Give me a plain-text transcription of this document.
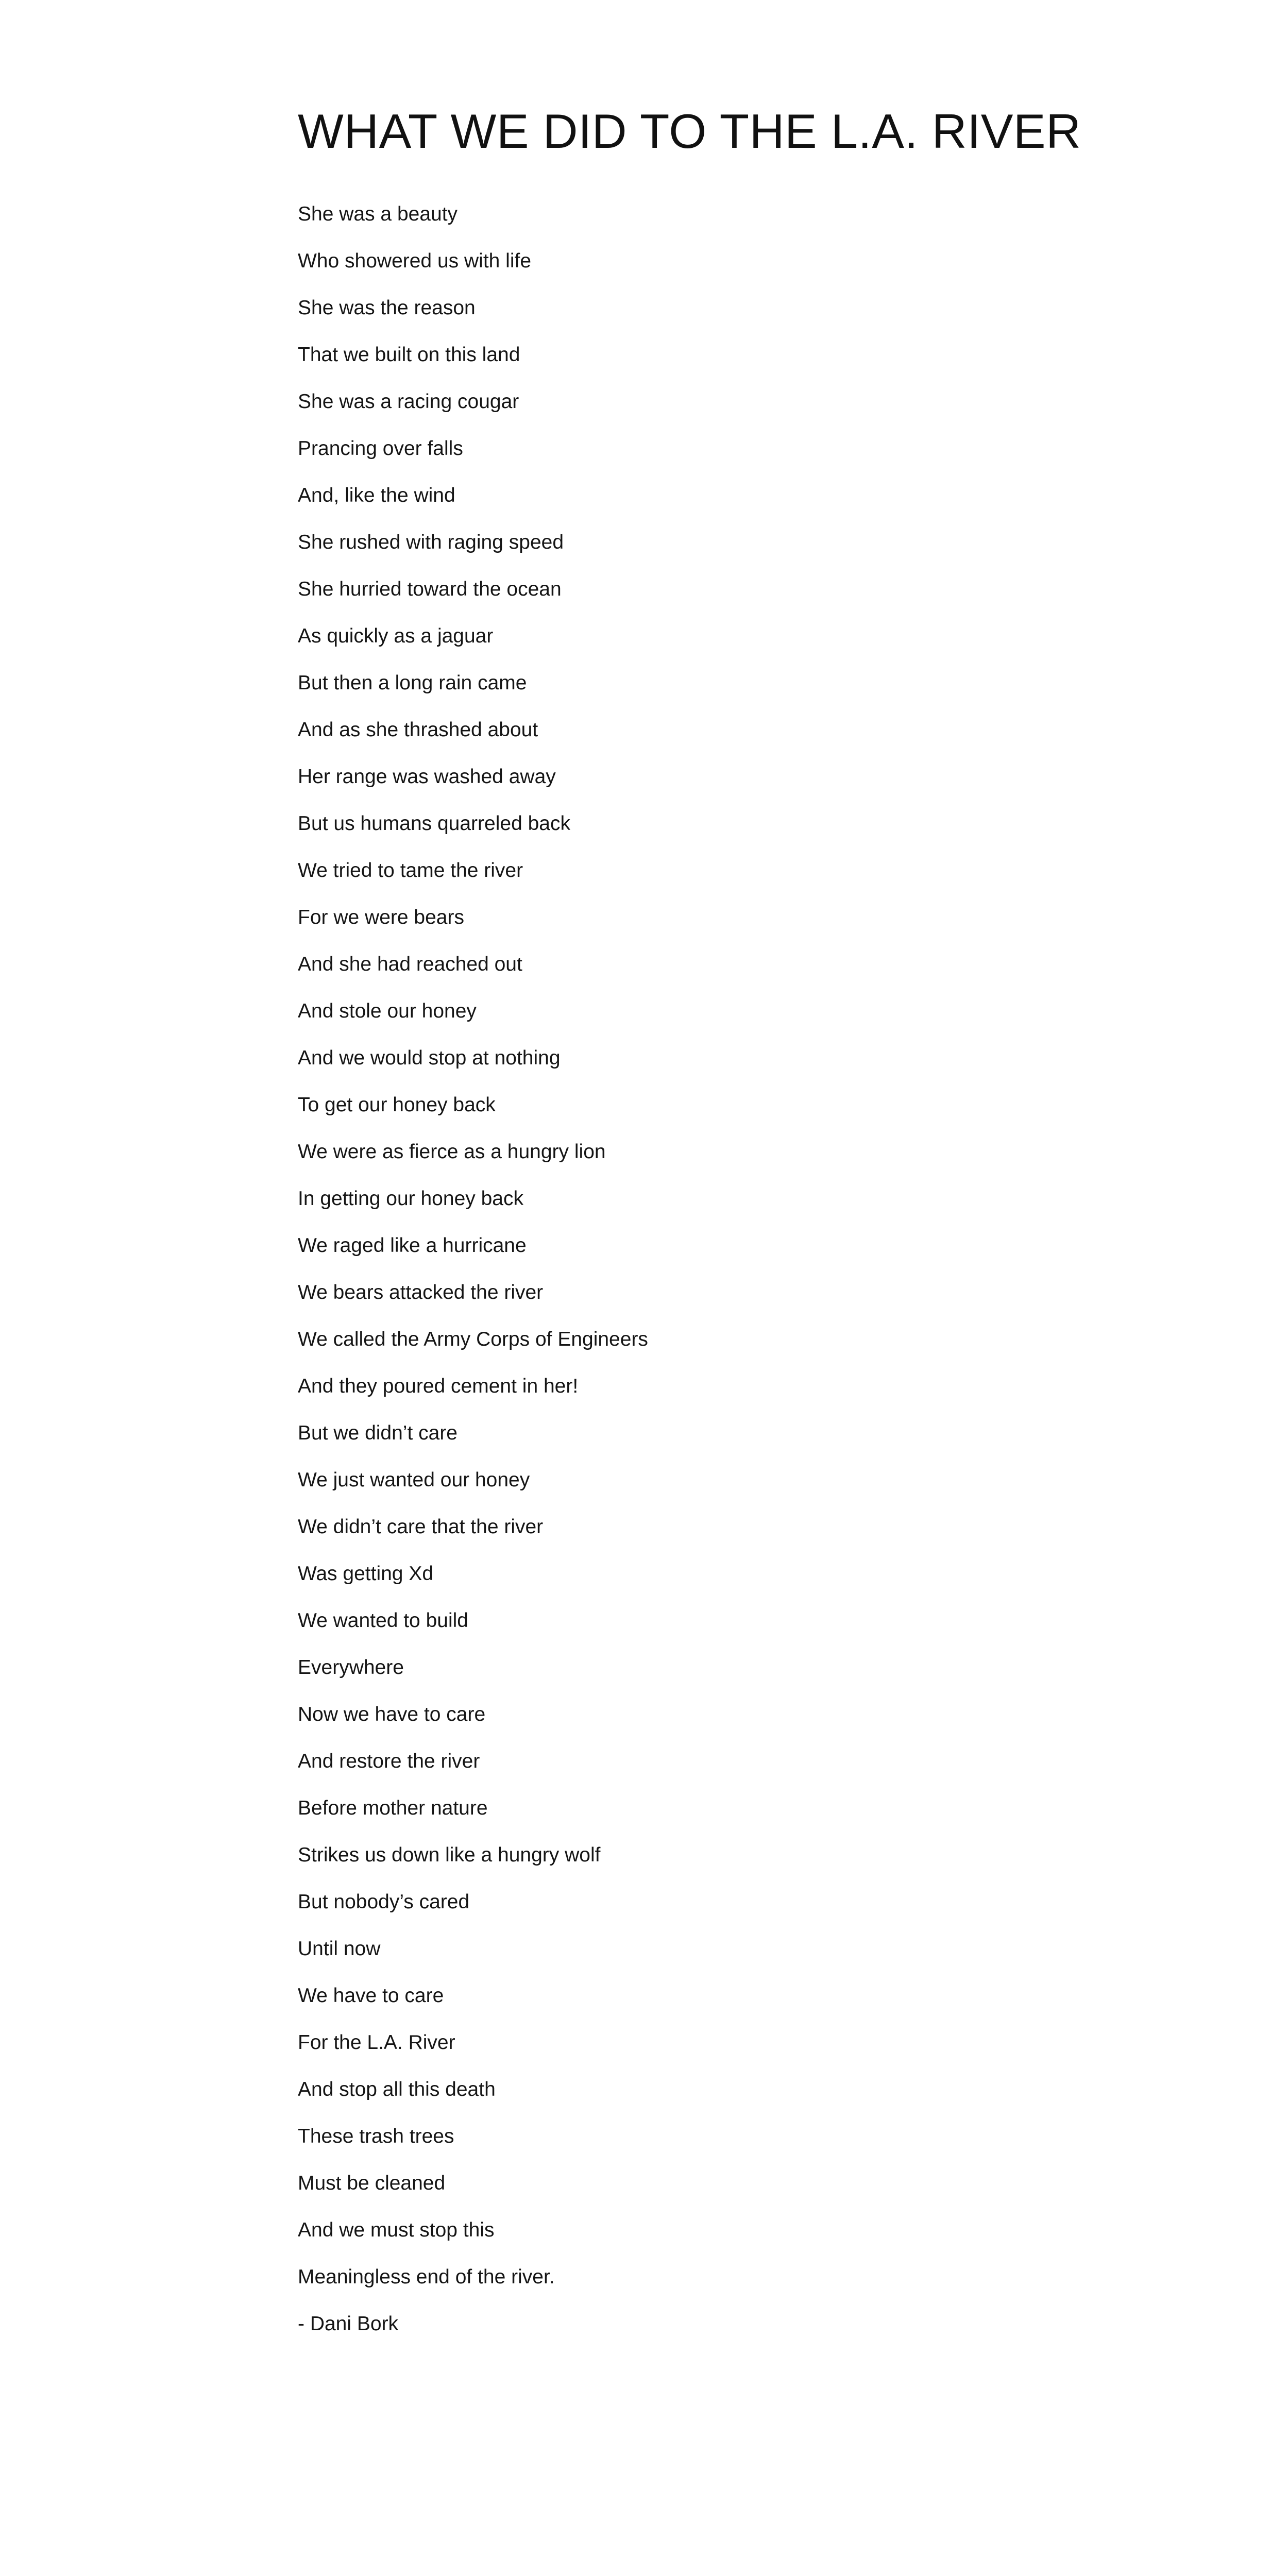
WHAT WE DID TO THE L.A. RIVER

She was a beauty

Who showered us with life

She was the reason

That we built on this land

She was a racing cougar

Prancing over falls

And, like the wind

She rushed with raging speed

She hurried toward the ocean

As quickly as a jaguar

But then a long rain came

And as she thrashed about

Her range was washed away

But us humans quarreled back

We tried to tame the river

For we were bears

And she had reached out

And stole our honey

And we would stop at nothing

To get our honey back

We were as fierce as a hungry lion

In getting our honey back

We raged like a hurricane

We bears attacked the river

We called the Army Corps of Engineers

And they poured cement in her!

But we didn’t care

We just wanted our honey

We didn’t care that the river

Was getting Xd

We wanted to build

Everywhere

Now we have to care

And restore the river

Before mother nature

Strikes us down like a hungry wolf

But nobody’s cared

Until now

We have to care

For the L.A. River

And stop all this death

These trash trees

Must be cleaned

And we must stop this

Meaningless end of the river.

- Dani Bork
